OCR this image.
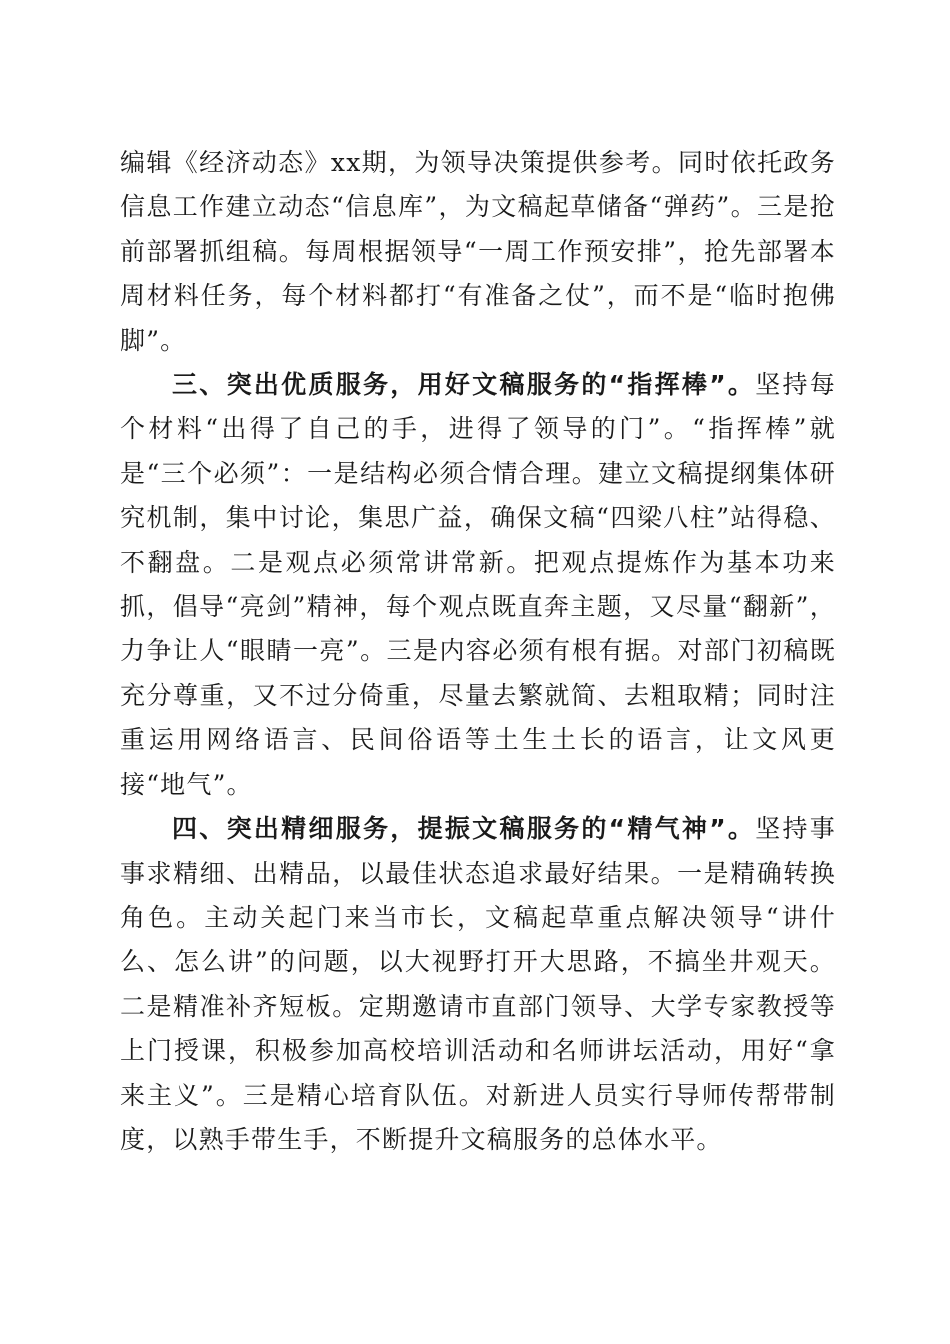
编辑《经济动态》xx期，为领导决策提供参考。同时依托政务信息工作建立动态“信息库”，为文稿起草储备“弹药”。三是抢前部署抓组稿。每周根据领导“一周工作预安排”，抢先部署本周材料任务，每个材料都打“有准备之仗”，而不是“临时抱佛脚”。

三、突出优质服务，用好文稿服务的“指挥棒”。坚持每个材料“出得了自己的手，进得了领导的门”。“指挥棒”就是“三个必须”：一是结构必须合情合理。建立文稿提纲集体研究机制，集中讨论，集思广益，确保文稿“四梁八柱”站得稳、不翻盘。二是观点必须常讲常新。把观点提炼作为基本功来抓，倡导“亮剑”精神，每个观点既直奔主题，又尽量“翻新”，力争让人“眼睛一亮”。三是内容必须有根有据。对部门初稿既充分尊重，又不过分倚重，尽量去繁就简、去粗取精；同时注重运用网络语言、民间俗语等土生土长的语言，让文风更接“地气”。

四、突出精细服务，提振文稿服务的“精气神”。坚持事事求精细、出精品，以最佳状态追求最好结果。一是精确转换角色。主动关起门来当市长，文稿起草重点解决领导“讲什么、怎么讲”的问题，以大视野打开大思路，不搞坐井观天。二是精准补齐短板。定期邀请市直部门领导、大学专家教授等上门授课，积极参加高校培训活动和名师讲坛活动，用好“拿来主义”。三是精心培育队伍。对新进人员实行导师传帮带制度，以熟手带生手，不断提升文稿服务的总体水平。
